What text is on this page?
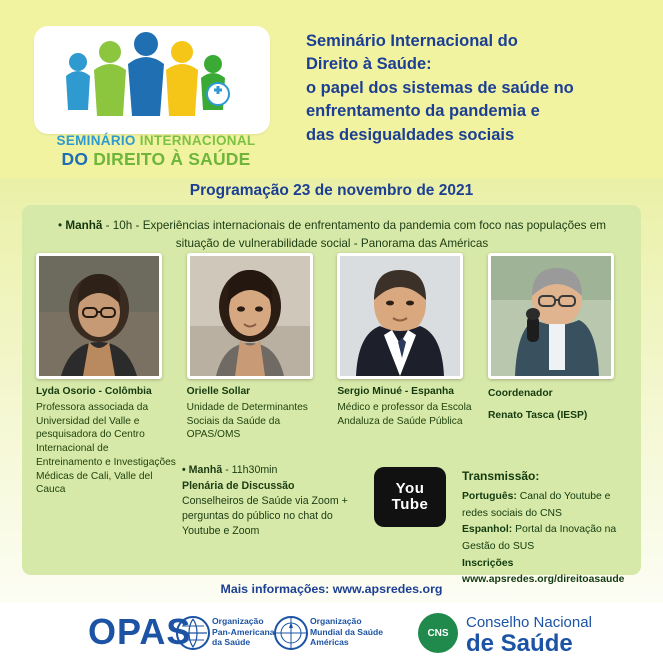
SEMINÁRIO INTERNACIONAL
DO DIREITO À SAÚDE
Seminário Internacional do
Direito à Saúde:
o papel dos sistemas de saúde no
enfrentamento da pandemia e
das desigualdades sociais
Programação 23 de novembro de 2021
• Manhã - 10h - Experiências internacionais de enfrentamento da pandemia com foco nas populações em situação de vulnerabilidade social - Panorama das Américas
Lyda Osorio - Colômbia
Professora associada da Universidad del Valle e pesquisadora do Centro Internacional de Entreinamento e Investigações Médicas de Cali, Valle del Cauca
Orielle Sollar
Unidade de Determinantes Sociais da Saúde da OPAS/OMS
Sergio Minué - Espanha
Médico e professor da Escola Andaluza de Saúde Pública
Coordenador
Renato Tasca (IESP)
• Manhã - 11h30min
Plenária de Discussão
Conselheiros de Saúde via Zoom + perguntas do público no chat do Youtube e Zoom
You
Tube
Transmissão:
Português: Canal do Youtube e redes sociais do CNS
Espanhol: Portal da Inovação na Gestão do SUS
Inscrições www.apsredes.org/direitoasaude
Mais informações: www.apsredes.org
OPAS Organização
Pan-Americana
da Saúde
Organização
Mundial da Saúde
Américas
CNS
Conselho Nacional
de Saúde
